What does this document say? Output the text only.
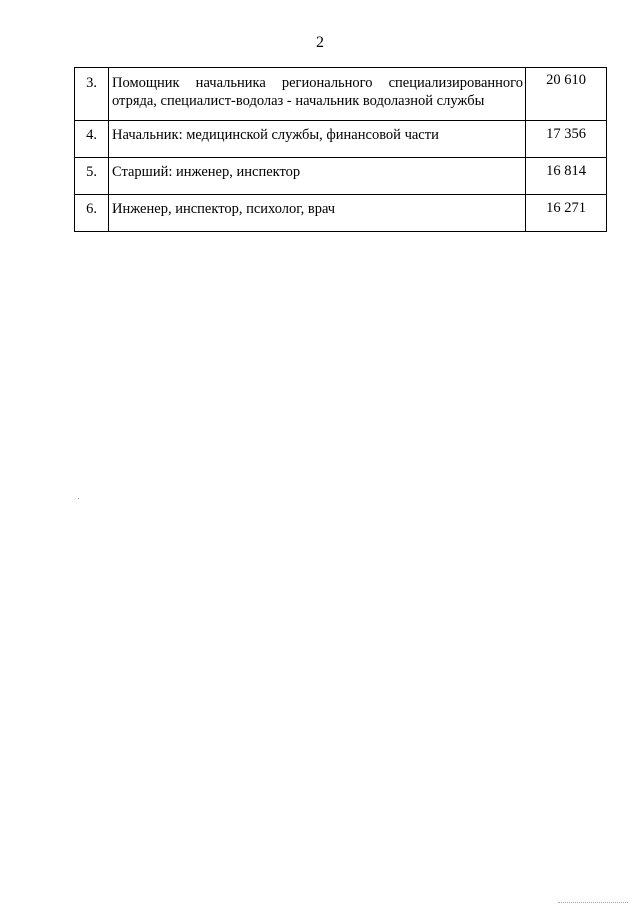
2
3.	Помощник начальника регионального специализированного отряда, специалист-водолаз - начальник водолазной службы	20 610
4.	Начальник: медицинской службы, финансовой части	17 356
5.	Старший: инженер, инспектор	16 814
6.	Инженер, инспектор, психолог, врач	16 271
